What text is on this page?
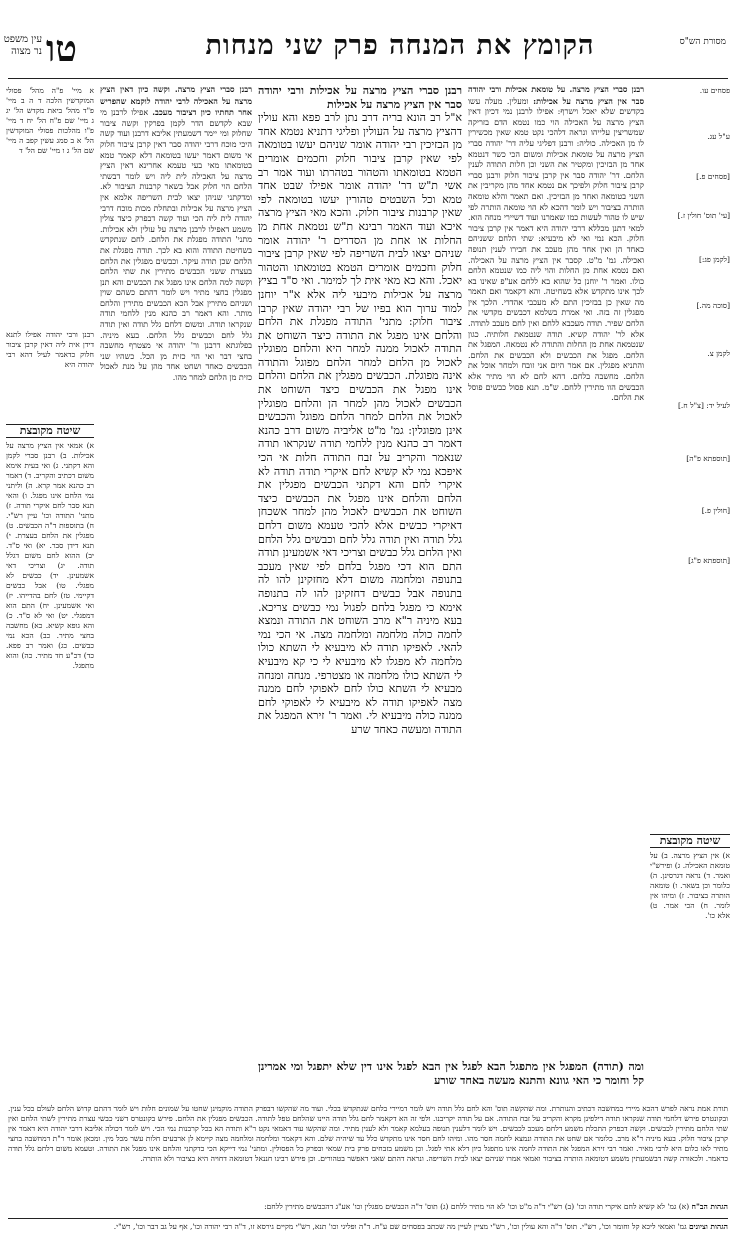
מסורת הש"ס
הקומץ את המנחה פרק שני מנחות
טו
עין משפט נר מצוה
פסחים עו.
ע"ל עג.
[פסחים פ.]
[עי' תוס' חולין ז.]
[לקמן פג:]
[סוכה מה.]
לקמן צ.
לעיל יד: [צ"ל ח.]
[תוספתא פ"ה]
[חולין פ.]
[תוספתא פ"ג]
רבנן סברי הציץ מרצה. על טומאת אכילות ורבי יהודה סבר אין הציץ מרצה על אכילות: ומעלין. מעלה עשו בקדשים שלא יאכל וישרף: אפילו לרבנן נמי דכיון דאין הציץ מרצה על האכילה הוי כמו נטמא הדם בזריקה שמשריצין עלייהו ונראה דלהכי נקט טמא שאין מכשירין לו מן האכילה. כוליה: ורבנן דפליגי עליה דר' יהודה סברי הציץ מרצה על טומאת אכילות ומשום הכי כשר דנטמא אחד מן הבזיכין ומקטיר את השני וכן חלות התודה לענין הלחם. דר' יהודה סבר אין קרבן ציבור חלוק ורבנן סברי קרבן ציבור חלוק ולפיכך אם נטמא אחד מהן מקריבין את השני בטומאה ואחד מן הבזיכין. ואם תאמר והלא טומאה הותרה בציבור ויש לומר דהכא לא הוי טומאה הותרה לפי שיש לו טהור לעשות כמו שאמרנו ועוד דשיירי מנחה הוא. למאי דתנן מכללא דרבי יהודה היא דאמר אין קרבן ציבור חלוק. הכא נמי ואי לא מיבעיא: שתי הלחם ששניהם כאחד הן ואין אחד מהן מעכב את חבירו לענין תנופה ואכילה. גמ' מ"ט. קסבר אין הציץ מרצה על האכילה. ואם נטמא אחת מן החלות והוי ליה כמו שנטמא הלחם כולו. ואמר ר' יוחנן כל שהוא בא ללחם אע"פ שאינו בא לכך אינו מתקדש אלא בשחיטה. והא דקאמר ואם תאמר מה שאין כן בבזיכין התם לא מעכבי אהדדי. הלכך אין מפגלין זה בזה. ואי אמרת בשלמא דכבשים מקדשי את הלחם שפיר. תודה מעכבא ללחם ואין לחם מעכב לתודה. אלא לר' יהודה קשיא. תודה שנטמאת חלותיה. כגון שנטמאה אחת מן החלות והתודה לא נטמאה. המפגל את הלחם. מפגל את הכבשים ולא הכבשים את הלחם. והתניא מפגלין. אם אמר היום אני זובח ולמחר אוכל את הלחם. מחשבה בלחם. דהא לחם לא הוי מתיר אלא הכבשים הוו מתירין ללחם. ש"מ. תנא פסול כבשים פוסל את הלחם.
שיטה מקובצת
א) אין הציץ מרצה. ב) על טומאת האכילה. ג) ופירש"י ואמר. ד) נראה דגרסינן. ה) כלומר וכן בשאר. ו) טומאה הותרה בציבור. ז) ומיהו אין לומר. ח) הכי אמר. ט) אלא כו'.
רבנן סברי הציץ מרצה על אכילות ורבי יהודה סבר אין הציץ מרצה על אכילות
א"ל רב הונא בריה דרב נתן לרב פפא והא עולין דהציץ מרצה על העולין ופליגי דתניא נטמא אחד מן הבזיכין רבי יהודה אומר שניהם יעשו בטומאה לפי שאין קרבן ציבור חלוק וחכמים אומרים הטמא בטומאתו והטהור בטהרתו ועוד אמר רב אשי ת"ש דר' יהודה אומר אפילו שבט אחד טמא וכל השבטים טהורין יעשו בטומאה לפי שאין קרבנות ציבור חלוק. והכא מאי הציץ מרצה איכא ועוד האמר רבינא ת"ש נטמאת אחת מן החלות או אחת מן הסדרים ר' יהודה אומר שניהם יצאו לבית השריפה לפי שאין קרבן ציבור חלוק וחכמים אומרים הטמא בטומאתו והטהור יאכל. והא כא מאי אית לך למימר. ואי ס"ד בציץ מרצה על אכילות מיבעי ליה אלא א"ר יוחנן למוד ערוך הוא בפיו של רבי יהודה שאין קרבן ציבור חלוק: מתני' התודה מפגלת את הלחם והלחם אינו מפגל את התודה כיצד השוחט את התודה לאכול ממנה למחר היא והלחם מפוגלין לאכול מן הלחם למחר הלחם מפוגל והתודה אינה מפוגלת. הכבשים מפגלין את הלחם והלחם אינו מפגל את הכבשים כיצד השוחט את הכבשים לאכול מהן למחר הן והלחם מפוגלין לאכול את הלחם למחר הלחם מפוגל והכבשים אינן מפוגלין: גמ' מ"ט אליביה משום דרב כהנא דאמר רב כהנא מנין ללחמי תודה שנקראו תודה שנאמר והקריב על זבח התודה חלות אי הכי איפכא נמי לא קשיא לחם איקרי תודה תודה לא איקרי לחם והא דקתני הכבשים מפגלין את הלחם והלחם אינו מפגל את הכבשים כיצד השוחט את הכבשים לאכול מהן למחר אשכחן דאיקרי כבשים אלא להכי טעמא משום דלחם גלל תודה ואין תודה גלל לחם וכבשים גלל הלחם ואין הלחם גלל כבשים וצריכי דאי אשמעינן תודה התם הוא דכי מפגל בלחם לפי שאין מעכב בתנופה ומלחמה משום דלא מחזקינן להו לה בתנופה אבל כבשים דחזקינן להו לה בתנופה אימא כי מפגל בלחם לפגול נמי כבשים צריכא. בעא מיניה ר"א מרב השוחט את התודה ונמצא לחמה כולה מלחמה ומלחמה מצה. אי הכי נמי להאי. לאפיקו תודה לא מיבעיא לי השתא כולו מלחמה לא מפגלו לא מיבעיא לי כי קא מיבעיא לי השתא כולו מלחמה או מצטרפי. מנחה ומנחה מבעיא לי השתא כולו לחם לאפוקי לחם ממנה מצה לאפיקו תודה לא מיבעיא לי לאפוקי לחם ממנה כולה מיבעיא לי. ואמר ר' זירא המפגל את התודה ומעשה כאחד שרע
רבנן סברי הציץ מרצה. וקשה כיון דאין הציץ מרצה על האכילה לרבי יהודה לוקמא שהפריש אחר תחתיו כיון דציבור מעכב. אפילו לרבנן מי שבא לקדשם הדר לקמן בפרקין וקשה ציבור שחלוק ומי יימר דשמעתין אליבא דרבנן ועוד קשה היכי מוכח דרבי יהודה סבר דאין קרבן ציבור חלוק אי משום דאמר יעשו בטומאה דלא קאמר טמא בטומאתו מאי בעי טעמא אחרינא דאין הציץ מרצה על האכילה לית ליה ויש לומר דבשתי הלחם הוי חלוק אבל בשאר קרבנות הציבור לא. ומדקתני שניהן יצאו לבית השריפה אלמא אין הציץ מרצה על אכילות ובתחלת מכות מוכח דרבי יהודה לית ליה הכי ועוד קשה דבפרק כיצד צולין משמע דאפילו לרבנן מרצה על עולין ולא אכילות. מתני' התודה מפגלת את הלחם. לחם שנתקדש בשחיטת התודה והוא בא לכך. תודה מפגלת את הלחם שכן תודה עיקר. וכבשים מפגלין את הלחם בעצרת ששני הכבשים מתירין את שתי הלחם וקשה למה הלחם אינו מפגל את הכבשים והא תנן מפגלין בחצי מתיר ויש לומר דהתם כשהם שוין ושניהם מתירין אבל הכא הכבשים מתירין והלחם מותר. והא דאמר רב כהנא מנין ללחמי תודה שנקראו תודה. ומשום דלחם גלל תודה ואין תודה גלל לחם וכבשים גלל הלחם. בעא מיניה. בפלוגתא דרבנן ור' יהודה אי מצטרף מחשבה בחצי דבר ואי הוי כזית מן הכל. כשהיו שני הכבשים כאחד ושחט אחד מהן על מנת לאכול כזית מן הלחם למחר מהו.
א מיי' פ"ה מהל' פסולי המוקדשין הלכה ד ה ב מיי' פ"ד מהל' ביאת מקדש הל' יג ג מיי' שם פ"ח הל' יח ד מיי' פ"ו מהלכות פסולי המוקדשין הל' א ב סמג עשין קפב ה מיי' שם הל' ג ו מיי' שם הל' ד
רבנן ורבי יהודה אפילו לתנא דידן אית ליה דאין קרבן ציבור חלוק כדאמר לעיל דהא רבי יהודה היא
שיטה מקובצת
א) אמאי אין הציץ מרצה על אכילות. ב) רבנן סברי לקמן והא דקתני. ג) ואי בעית אימא משום דכתיב והקריב. ד) דאמר רב כהנא אמר קרא. ה) וליתני נמי הלחם אינו מפגל. ו) והאי תנא סבר לחם איקרי תודה. ז) מתני' התודה וכו' עיין רש"י. ח) בתוספות ד"ה הכבשים. ט) מפגלין את הלחם בעצרת. י) תנא דידן סבר. יא) ואי ס"ד. יב) ההוא לחם משום דגלל תודה. יג) וצריכי דאי אשמעינן. יד) כבשים לא מפגלי. טו) אבל כבשים דקיימי. טז) לחם בהדייהו. יז) ואי אשמעינן. יח) התם הוא דמפגלי. יט) ואי לא ס"ד. כ) והא גופא קשיא. כא) מחשבה בחצי מתיר. כב) הכא נמי כבשים. כג) ואמר רב פפא. כד) דכ"ע חד מתיר. כה) והוא מתפגל.
ומה (תודה) המפגל אין מתפגל הבא לפגל אין הבא לפגל אינו דין שלא יתפגל ומי אמרינן קל וחומר כי האי גוונא והתנא מעשה באחד שורע
תורת אמת נראה לפרש דהכא מיירי במחשבה דכתיב והנותרת. ומה שהקשה תוס' והא לחם גלל תודה ויש לומר דמיירי בלחם שנתקדש בכלי. ועוד מה שהקשו דבפרק התודה מוקמינן שחטו על שמונים חלות ויש לומר דהתם קדוש הלחם לעולם בכל ענין. ובקונטרס פירש דלחמי תודה שנקראו תודה דילפינן מקרא והקריב על זבח התודה. אם על תודה יקריבנו. ולפי זה הא דקאמר לחם גלל תודה היינו שהלחם טפל לתודה. הכבשים מפגלין את הלחם. פירש בקונטרס דשני כבשי עצרת מתירין לשתי הלחם ואין שתי הלחם מתירין לכבשים. וקשה דבפרק התכלת משמע דלחם מעכב לכבשים. ויש לומר דלענין תנופה בעלמא קאמר ולא לענין מתיר. ומה שהקשו עוד דאמאי נקט ר"א ותודה הא בכל קרבנות נמי הכי. ויש לומר דכולה אליבא דרבי יהודה היא דאמר אין קרבן ציבור חלוק. בעא מיניה ר"א מרב. כלומר אם שחט את התודה ונמצא לחמה חסר מהו. ומיהו לחם חסר אינו מתקדש כלל עד שיהיה שלם. והא דקאמר ומלחמה ומלחמה מצה קיימא לן ארבעים חלות עשר מכל מין. ומכאן אומר ר"ת דמחשבה בחצי מתיר לאו כלום היא לרבי מאיר. ואמר רבי זירא המפגל את התודה לחמה אינו מתפגל כיון דלא אתי לפגל. וכן משמע בזבחים פרק בית שמאי ובפרק כל הפסולין. ומתני' נמי דייקא הכי כדקתני והלחם אינו מפגל את התודה. וטעמא משום דלחם גלל תודה כדאמר. ולכאורה קשה דבשמעתין משמע דטומאה הותרה בציבור ואמאי אמרו שניהם יצאו לבית השריפה. ונראה דהתם שאני דאפשר בטהורים. וכן פירש רבינו חננאל דטומאה דחויה היא בציבור ולא הותרה.
הגהות הב"ח (א) גמ' לא קשיא לחם איקרי תודה וכו' (ב) רש"י ד"ה מ"ט וכו' לא הוי מתיר ללחם (ג) תוס' ד"ה הכבשים מפגלין וכו' אע"ג דהכבשים מתירין ללחם:
הגהות וציונים גמ' ואמאי ליכא קל וחומר וכו', רש"י. תוס' ד"ה והא עולין וכו', רש"י מציין לעיין מה שכתב בפסחים שם ע"ח. ד"ה ופליגי וכו' תנא, רש"י מקיים גירסא זו, ד"ה רבי יהודה וכו', אף על גב דבר וכו', רש"י.
